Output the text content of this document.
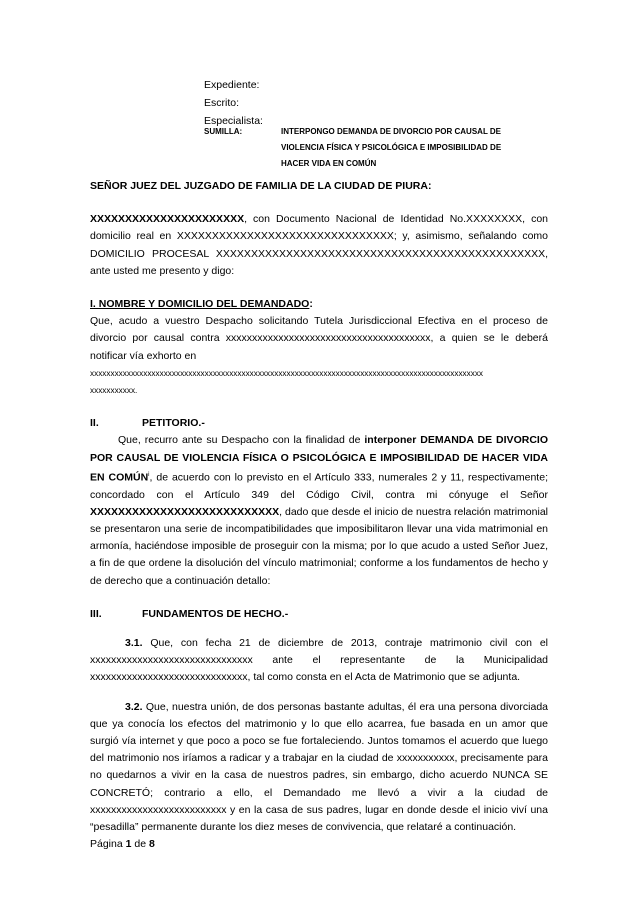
Expediente:
Escrito:
Especialista:
SUMILLA:	INTERPONGO DEMANDA DE DIVORCIO POR CAUSAL DE VIOLENCIA FÍSICA Y PSICOLÓGICA E IMPOSIBILIDAD DE HACER VIDA EN COMÚN

SEÑOR JUEZ DEL JUZGADO DE FAMILIA DE LA CIUDAD DE PIURA:

XXXXXXXXXXXXXXXXXXXXXX, con Documento Nacional de Identidad No.XXXXXXXX, con domicilio real en XXXXXXXXXXXXXXXXXXXXXXXXXXXXXXX; y, asimismo, señalando como DOMICILIO PROCESAL XXXXXXXXXXXXXXXXXXXXXXXXXXXXXXXXXXXXXXXXXXXXXXX, ante usted me presento y digo:

I. NOMBRE Y DOMICILIO DEL DEMANDADO:

Que, acudo a vuestro Despacho solicitando Tutela Jurisdiccional Efectiva en el proceso de divorcio por causal contra xxxxxxxxxxxxxxxxxxxxxxxxxxxxxxxxxxxxxxx, a quien se le deberá notificar vía exhorto en

xxxxxxxxxxxxxxxxxxxxxxxxxxxxxxxxxxxxxxxxxxxxxxxxxxxxxxxxxxxxxxxxxxxxxxxxxxxxxxxxxxxxxxxxxxxxxxxx

xxxxxxxxxxx.

II.	PETITORIO.-

Que, recurro ante su Despacho con la finalidad de interponer DEMANDA DE DIVORCIO POR CAUSAL DE VIOLENCIA FÍSICA O PSICOLÓGICA E IMPOSIBILIDAD DE HACER VIDA EN COMÚN$^i$, de acuerdo con lo previsto en el Artículo 333, numerales 2 y 11, respectivamente; concordado con el Artículo 349 del Código Civil, contra mi cónyuge el Señor XXXXXXXXXXXXXXXXXXXXXXXXXXX, dado que desde el inicio de nuestra relación matrimonial se presentaron una serie de incompatibilidades que imposibilitaron llevar una vida matrimonial en armonía, haciéndose imposible de proseguir con la misma; por lo que acudo a usted Señor Juez, a fin de que ordene la disolución del vínculo matrimonial; conforme a los fundamentos de hecho y de derecho que a continuación detallo:

III.	FUNDAMENTOS DE HECHO.-

3.1. Que, con fecha 21 de diciembre de 2013, contraje matrimonio civil con el xxxxxxxxxxxxxxxxxxxxxxxxxxxxxxx ante el representante de la Municipalidad xxxxxxxxxxxxxxxxxxxxxxxxxxxxxx, tal como consta en el Acta de Matrimonio que se adjunta.

3.2. Que, nuestra unión, de dos personas bastante adultas, él era una persona divorciada que ya conocía los efectos del matrimonio y lo que ello acarrea, fue basada en un amor que surgió vía internet y que poco a poco se fue fortaleciendo. Juntos tomamos el acuerdo que luego del matrimonio nos iríamos a radicar y a trabajar en la ciudad de xxxxxxxxxxx, precisamente para no quedarnos a vivir en la casa de nuestros padres, sin embargo, dicho acuerdo NUNCA SE CONCRETÓ; contrario a ello, el Demandado me llevó a vivir a la ciudad de xxxxxxxxxxxxxxxxxxxxxxxxxx y en la casa de sus padres, lugar en donde desde el inicio viví una “pesadilla” permanente durante los diez meses de convivencia, que relataré a continuación.

Página 1 de 8
